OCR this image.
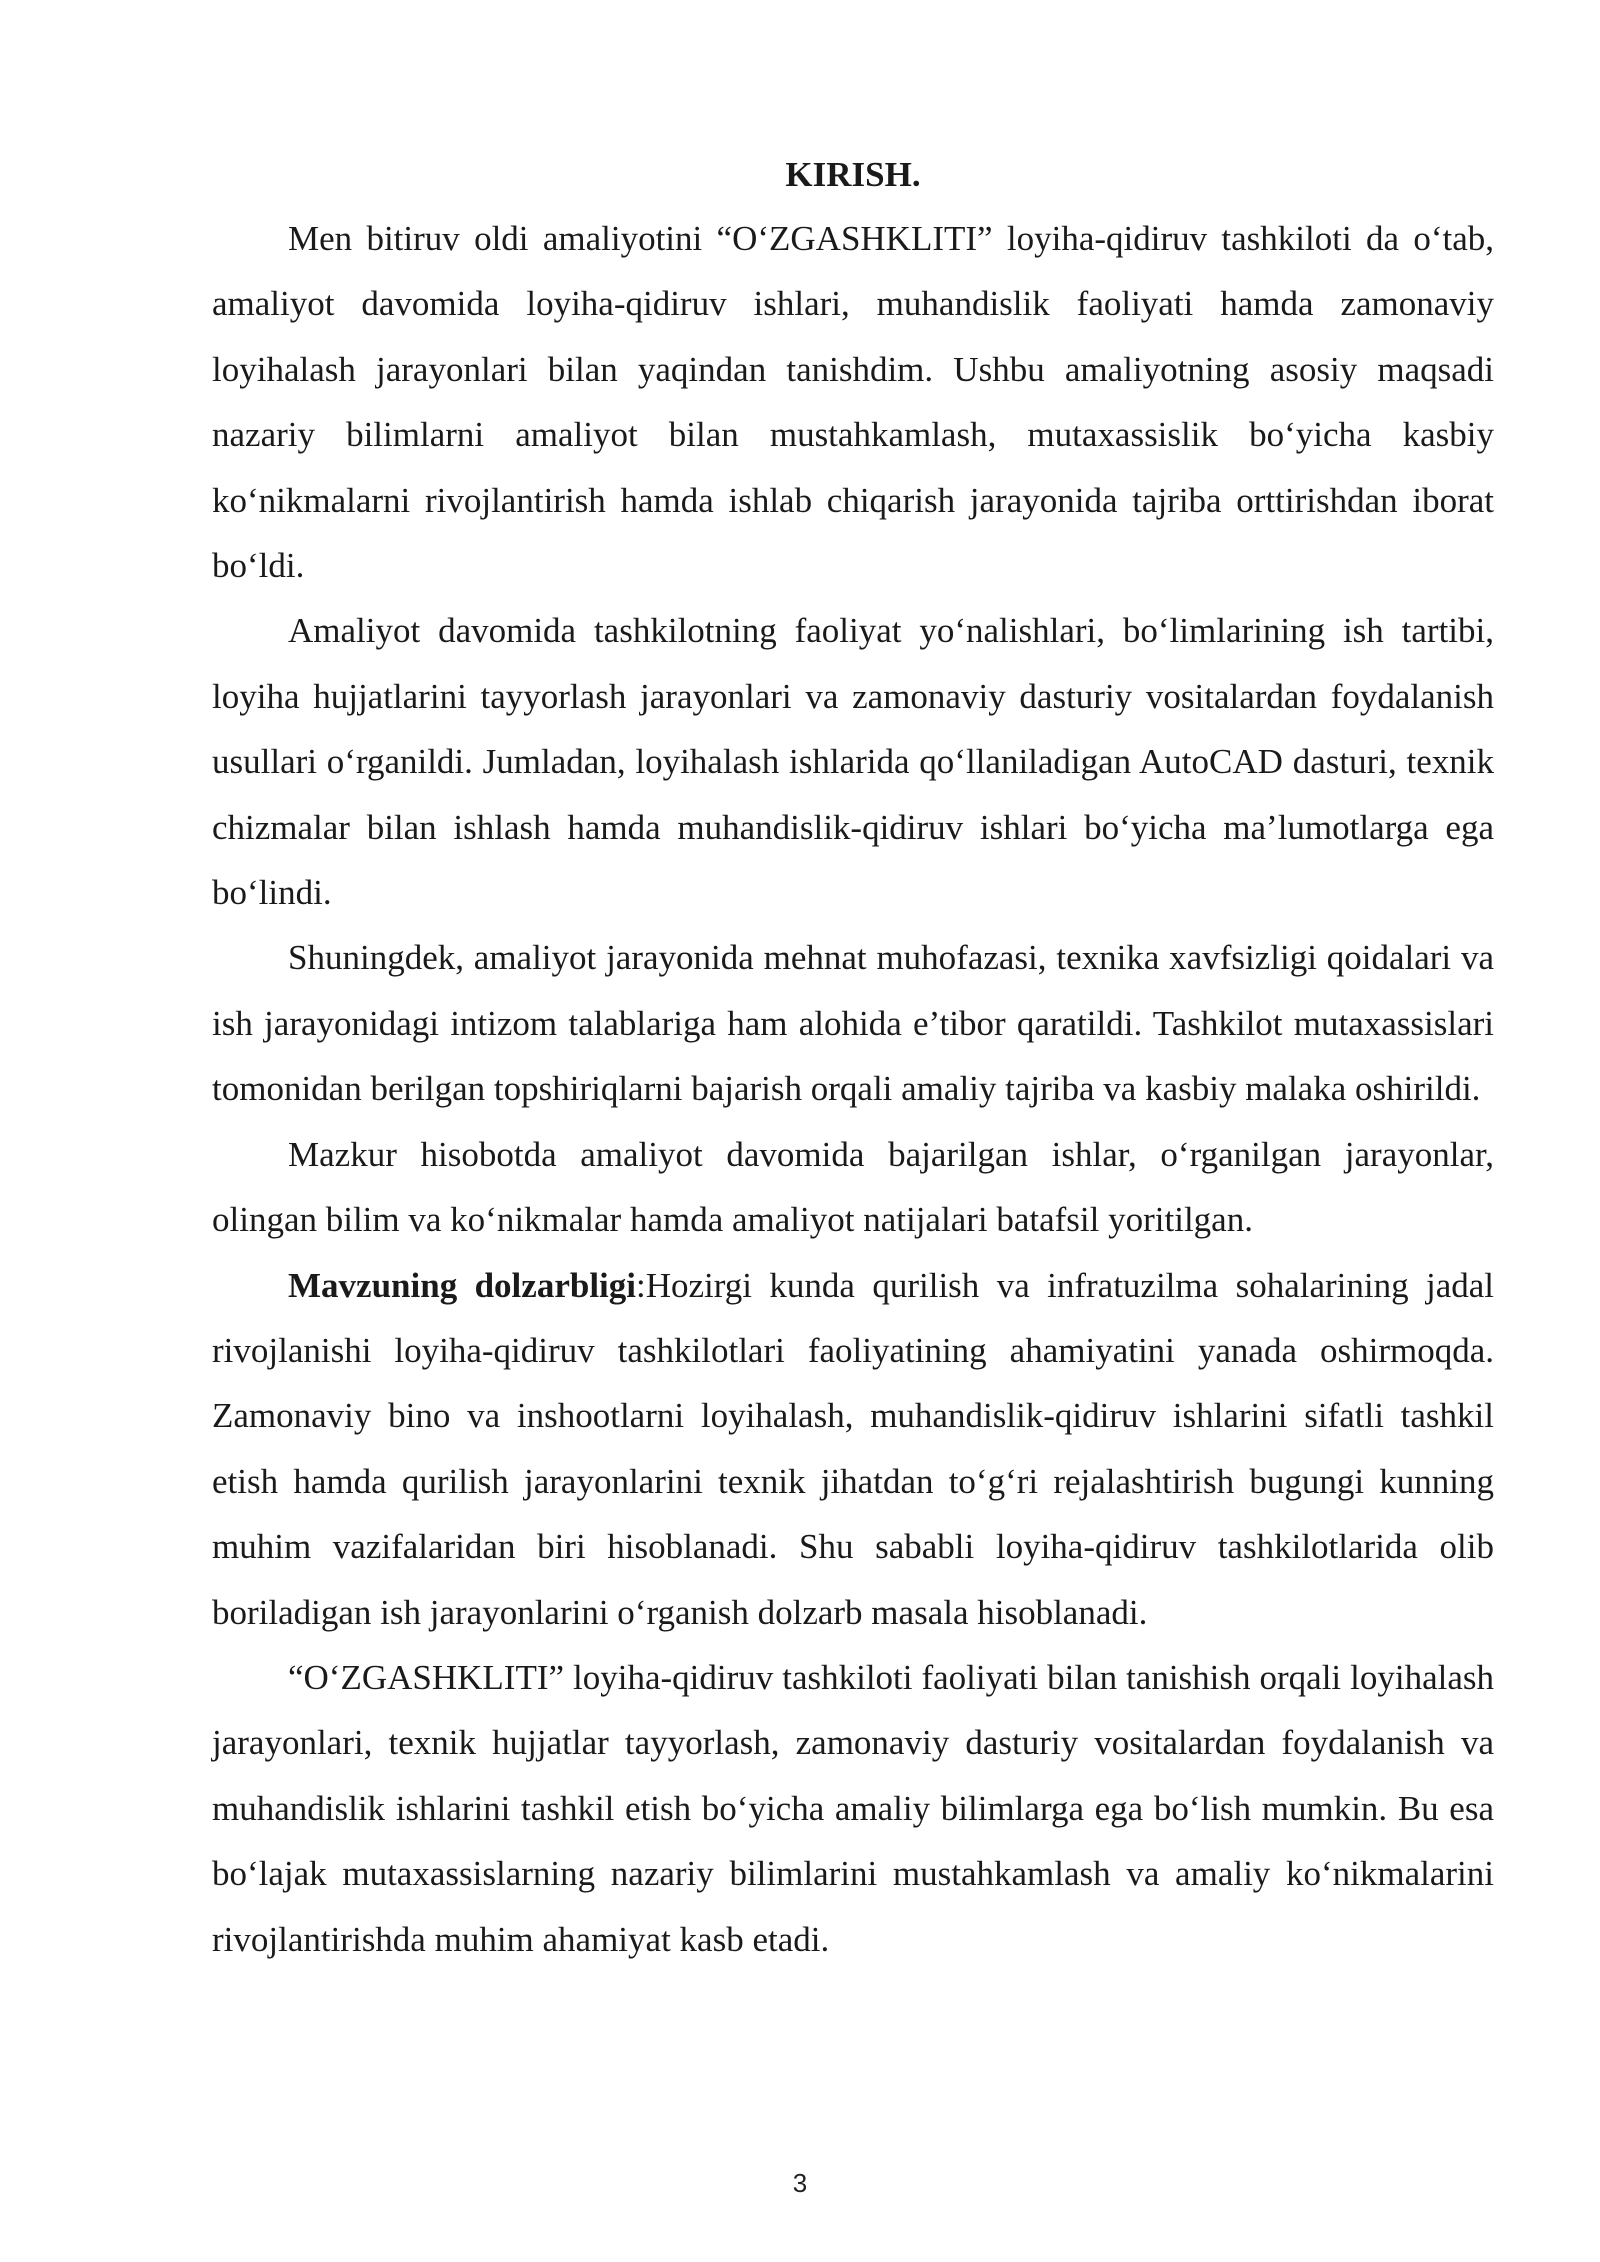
KIRISH.

Men bitiruv oldi amaliyotini “O‘ZGASHKLITI” loyiha-qidiruv tashkiloti da o‘tab, amaliyot davomida loyiha-qidiruv ishlari, muhandislik faoliyati hamda zamonaviy loyihalash jarayonlari bilan yaqindan tanishdim. Ushbu amaliyotning asosiy maqsadi nazariy bilimlarni amaliyot bilan mustahkamlash, mutaxassislik bo‘yicha kasbiy ko‘nikmalarni rivojlantirish hamda ishlab chiqarish jarayonida tajriba orttirishdan iborat bo‘ldi.

Amaliyot davomida tashkilotning faoliyat yo‘nalishlari, bo‘limlarining ish tartibi, loyiha hujjatlarini tayyorlash jarayonlari va zamonaviy dasturiy vositalardan foydalanish usullari o‘rganildi. Jumladan, loyihalash ishlarida qo‘llaniladigan AutoCAD dasturi, texnik chizmalar bilan ishlash hamda muhandislik-qidiruv ishlari bo‘yicha ma’lumotlarga ega bo‘lindi.

Shuningdek, amaliyot jarayonida mehnat muhofazasi, texnika xavfsizligi qoidalari va ish jarayonidagi intizom talablariga ham alohida e’tibor qaratildi. Tashkilot mutaxassislari tomonidan berilgan topshiriqlarni bajarish orqali amaliy tajriba va kasbiy malaka oshirildi.

Mazkur hisobotda amaliyot davomida bajarilgan ishlar, o‘rganilgan jarayonlar, olingan bilim va ko‘nikmalar hamda amaliyot natijalari batafsil yoritilgan.

Mavzuning dolzarbligi:Hozirgi kunda qurilish va infratuzilma sohalarining jadal rivojlanishi loyiha-qidiruv tashkilotlari faoliyatining ahamiyatini yanada oshirmoqda. Zamonaviy bino va inshootlarni loyihalash, muhandislik-qidiruv ishlarini sifatli tashkil etish hamda qurilish jarayonlarini texnik jihatdan to‘g‘ri rejalashtirish bugungi kunning muhim vazifalaridan biri hisoblanadi. Shu sababli loyiha-qidiruv tashkilotlarida olib boriladigan ish jarayonlarini o‘rganish dolzarb masala hisoblanadi.

“O‘ZGASHKLITI” loyiha-qidiruv tashkiloti faoliyati bilan tanishish orqali loyihalash jarayonlari, texnik hujjatlar tayyorlash, zamonaviy dasturiy vositalardan foydalanish va muhandislik ishlarini tashkil etish bo‘yicha amaliy bilimlarga ega bo‘lish mumkin. Bu esa bo‘lajak mutaxassislarning nazariy bilimlarini mustahkamlash va amaliy ko‘nikmalarini rivojlantirishda muhim ahamiyat kasb etadi.

3
